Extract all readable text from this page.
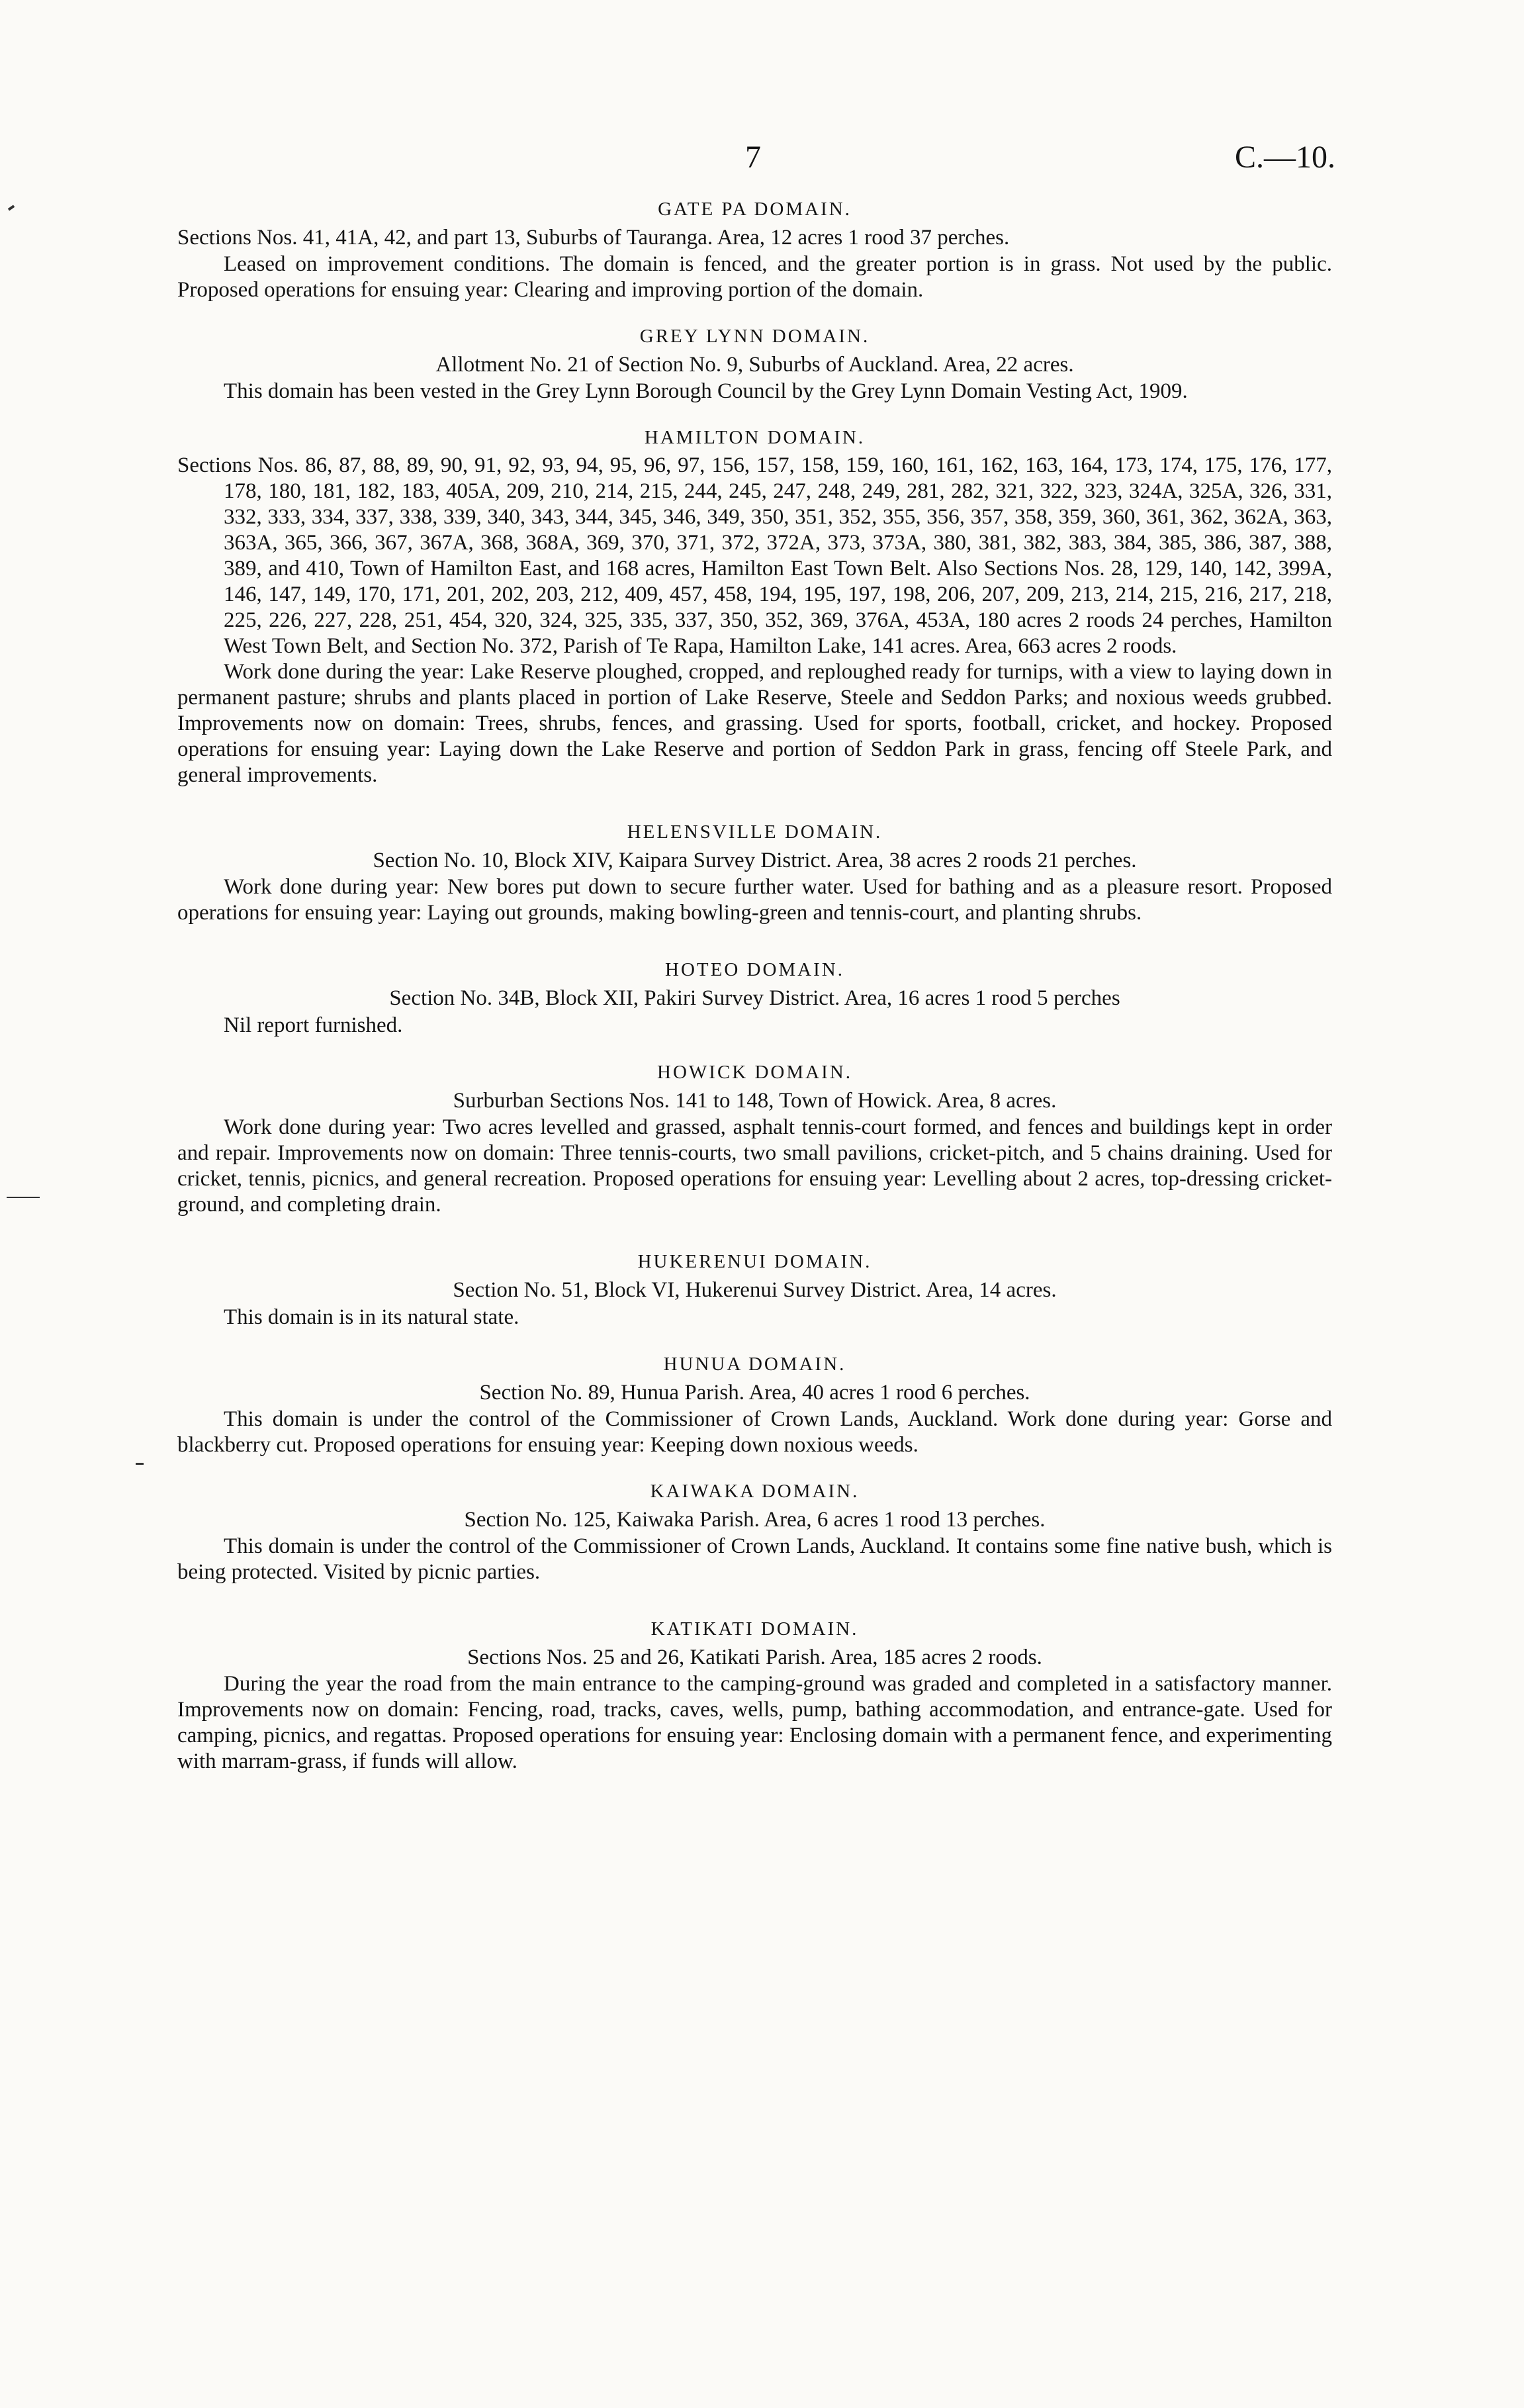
7	C.—10.
GATE PA DOMAIN.
Sections Nos. 41, 41A, 42, and part 13, Suburbs of Tauranga. Area, 12 acres 1 rood 37 perches.
Leased on improvement conditions. The domain is fenced, and the greater portion is in grass. Not used by the public. Proposed operations for ensuing year: Clearing and improving portion of the domain.
GREY LYNN DOMAIN.
Allotment No. 21 of Section No. 9, Suburbs of Auckland. Area, 22 acres.
This domain has been vested in the Grey Lynn Borough Council by the Grey Lynn Domain Vesting Act, 1909.
HAMILTON DOMAIN.
Sections Nos. 86, 87, 88, 89, 90, 91, 92, 93, 94, 95, 96, 97, 156, 157, 158, 159, 160, 161, 162, 163, 164, 173, 174, 175, 176, 177, 178, 180, 181, 182, 183, 405A, 209, 210, 214, 215, 244, 245, 247, 248, 249, 281, 282, 321, 322, 323, 324A, 325A, 326, 331, 332, 333, 334, 337, 338, 339, 340, 343, 344, 345, 346, 349, 350, 351, 352, 355, 356, 357, 358, 359, 360, 361, 362, 362A, 363, 363A, 365, 366, 367, 367A, 368, 368A, 369, 370, 371, 372, 372A, 373, 373A, 380, 381, 382, 383, 384, 385, 386, 387, 388, 389, and 410, Town of Hamilton East, and 168 acres, Hamilton East Town Belt. Also Sections Nos. 28, 129, 140, 142, 399A, 146, 147, 149, 170, 171, 201, 202, 203, 212, 409, 457, 458, 194, 195, 197, 198, 206, 207, 209, 213, 214, 215, 216, 217, 218, 225, 226, 227, 228, 251, 454, 320, 324, 325, 335, 337, 350, 352, 369, 376A, 453A, 180 acres 2 roods 24 perches, Hamilton West Town Belt, and Section No. 372, Parish of Te Rapa, Hamilton Lake, 141 acres. Area, 663 acres 2 roods.
Work done during the year: Lake Reserve ploughed, cropped, and reploughed ready for turnips, with a view to laying down in permanent pasture; shrubs and plants placed in portion of Lake Reserve, Steele and Seddon Parks; and noxious weeds grubbed. Improvements now on domain: Trees, shrubs, fences, and grassing. Used for sports, football, cricket, and hockey. Proposed operations for ensuing year: Laying down the Lake Reserve and portion of Seddon Park in grass, fencing off Steele Park, and general improvements.
HELENSVILLE DOMAIN.
Section No. 10, Block XIV, Kaipara Survey District. Area, 38 acres 2 roods 21 perches.
Work done during year: New bores put down to secure further water. Used for bathing and as a pleasure resort. Proposed operations for ensuing year: Laying out grounds, making bowling-green and tennis-court, and planting shrubs.
HOTEO DOMAIN.
Section No. 34B, Block XII, Pakiri Survey District. Area, 16 acres 1 rood 5 perches
Nil report furnished.
HOWICK DOMAIN.
Surburban Sections Nos. 141 to 148, Town of Howick. Area, 8 acres.
Work done during year: Two acres levelled and grassed, asphalt tennis-court formed, and fences and buildings kept in order and repair. Improvements now on domain: Three tennis-courts, two small pavilions, cricket-pitch, and 5 chains draining. Used for cricket, tennis, picnics, and general recreation. Proposed operations for ensuing year: Levelling about 2 acres, top-dressing cricket-ground, and completing drain.
HUKERENUI DOMAIN.
Section No. 51, Block VI, Hukerenui Survey District. Area, 14 acres.
This domain is in its natural state.
HUNUA DOMAIN.
Section No. 89, Hunua Parish. Area, 40 acres 1 rood 6 perches.
This domain is under the control of the Commissioner of Crown Lands, Auckland. Work done during year: Gorse and blackberry cut. Proposed operations for ensuing year: Keeping down noxious weeds.
KAIWAKA DOMAIN.
Section No. 125, Kaiwaka Parish. Area, 6 acres 1 rood 13 perches.
This domain is under the control of the Commissioner of Crown Lands, Auckland. It contains some fine native bush, which is being protected. Visited by picnic parties.
KATIKATI DOMAIN.
Sections Nos. 25 and 26, Katikati Parish. Area, 185 acres 2 roods.
During the year the road from the main entrance to the camping-ground was graded and completed in a satisfactory manner. Improvements now on domain: Fencing, road, tracks, caves, wells, pump, bathing accommodation, and entrance-gate. Used for camping, picnics, and regattas. Proposed operations for ensuing year: Enclosing domain with a permanent fence, and experimenting with marram-grass, if funds will allow.
